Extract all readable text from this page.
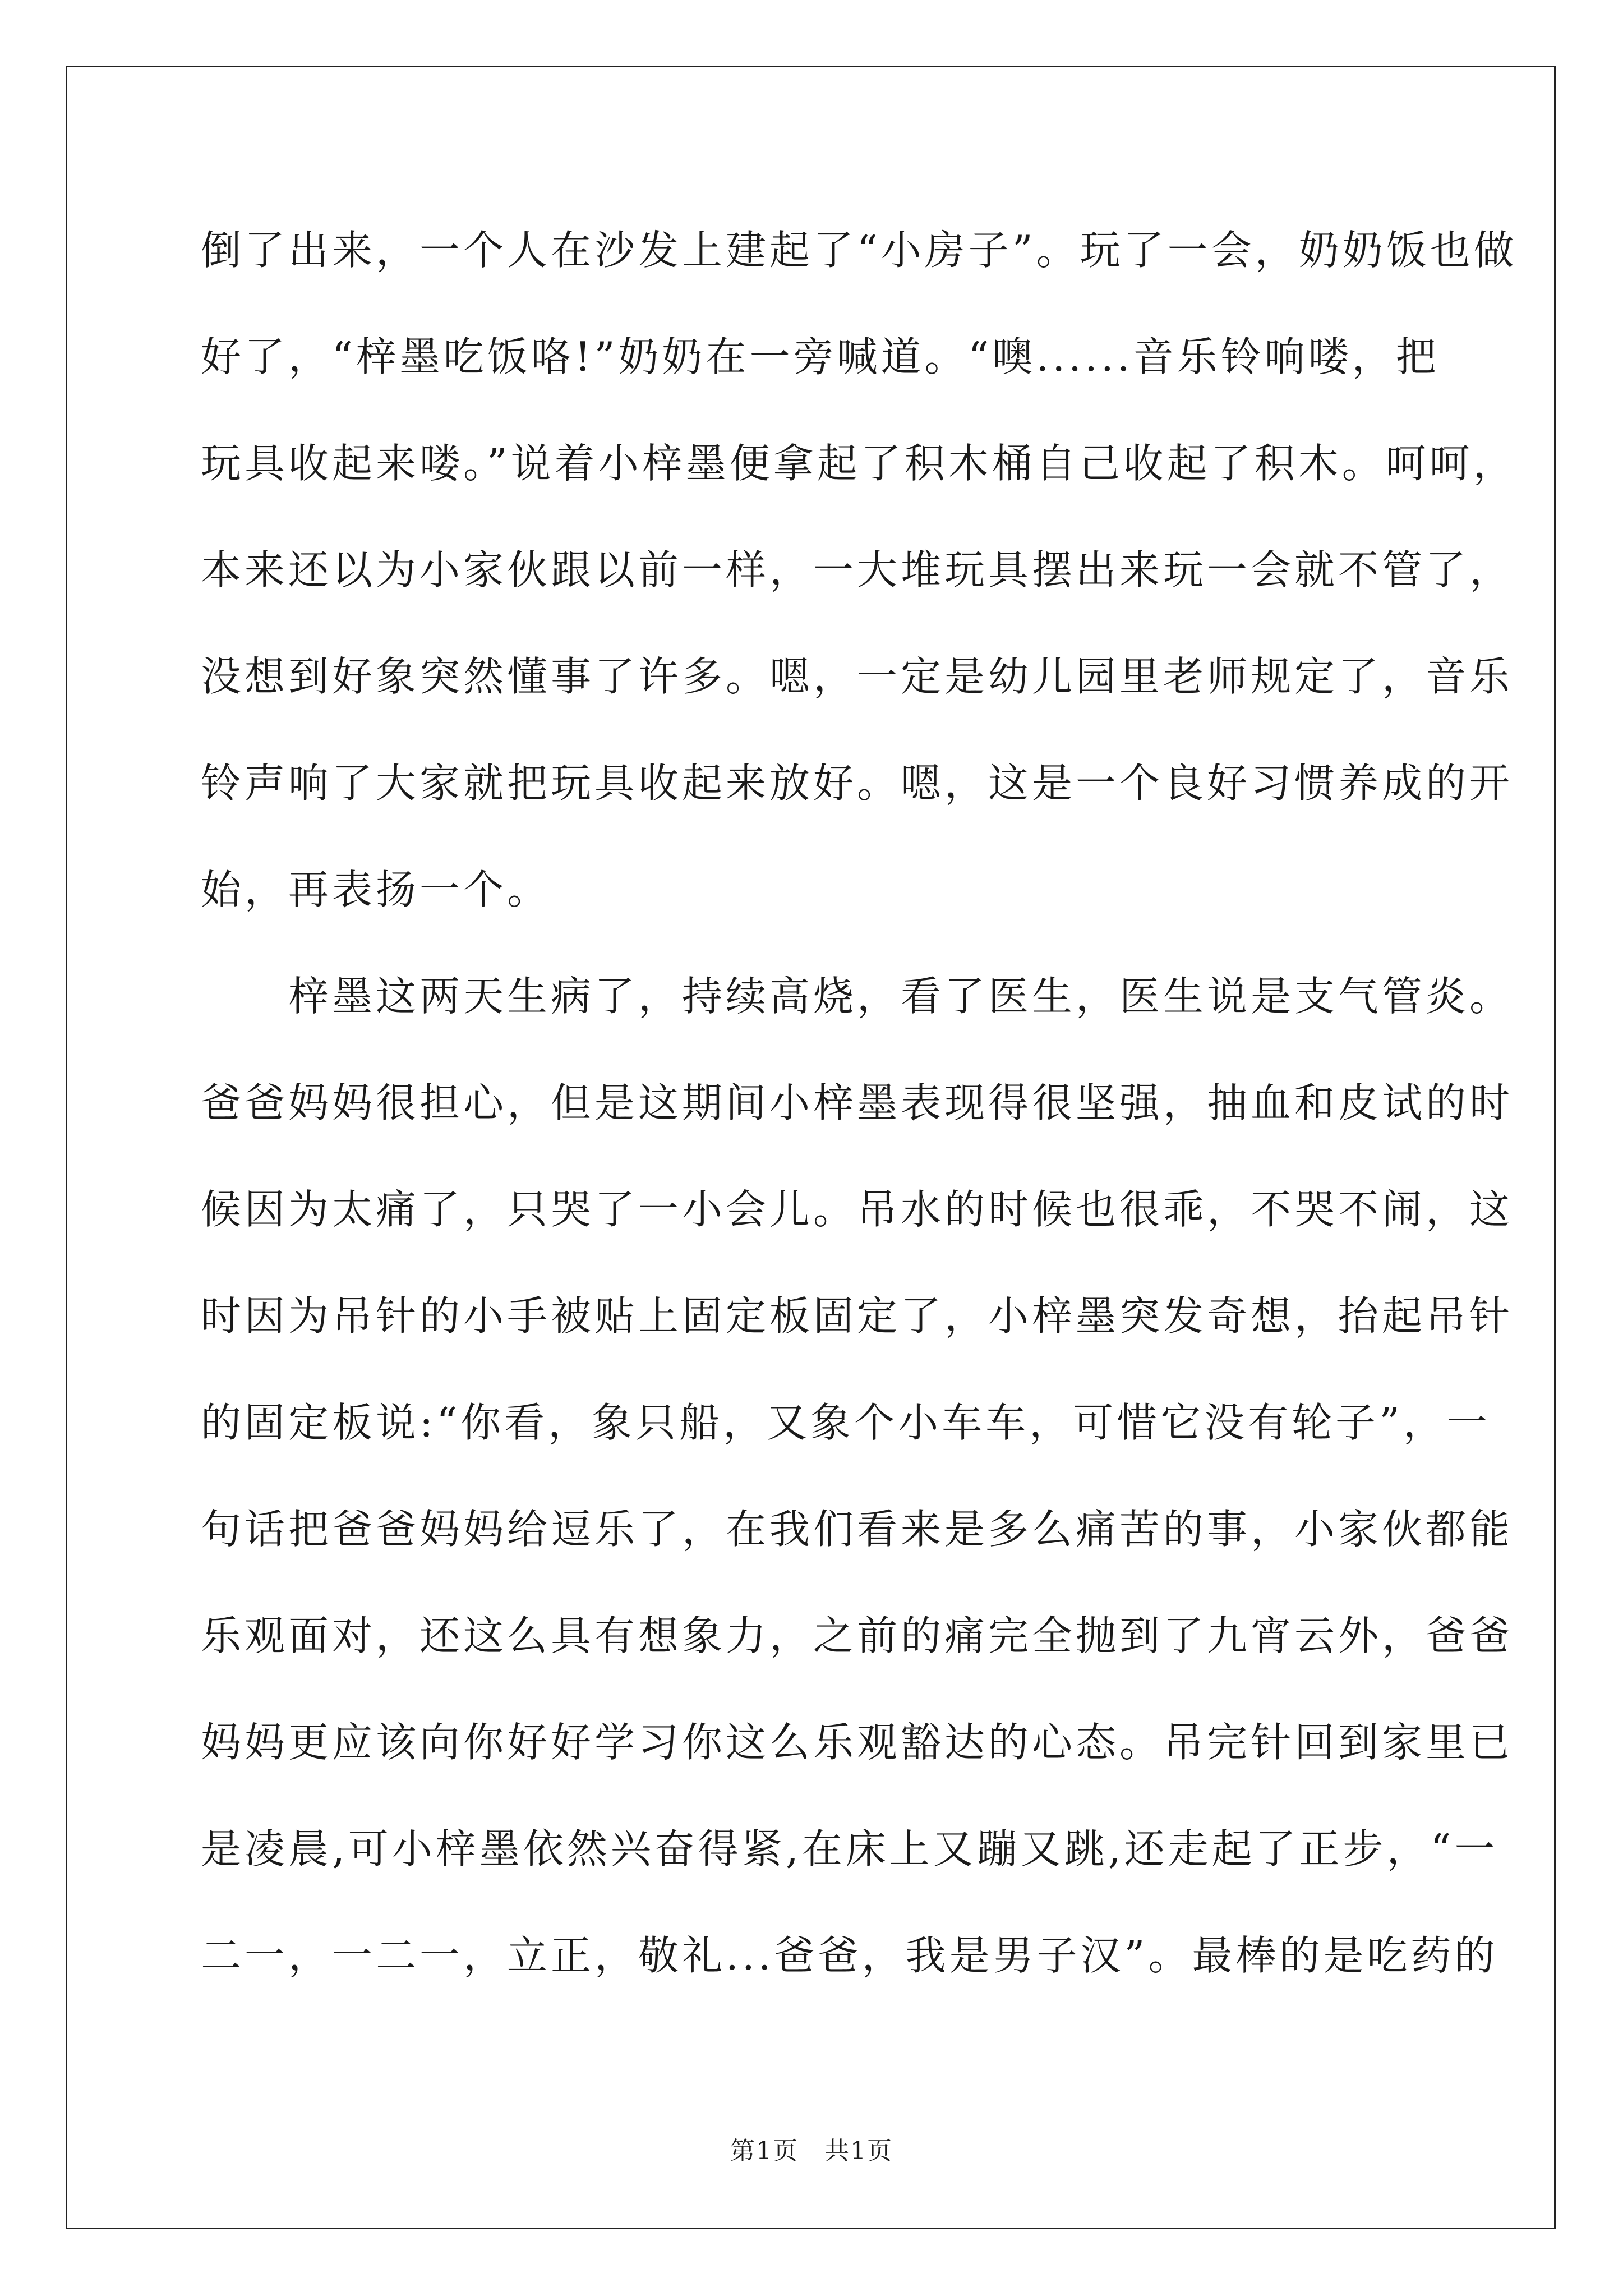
倒了出来，一个人在沙发上建起了“小房子”。玩了一会，奶奶饭也做
好了，“梓墨吃饭咯!”奶奶在一旁喊道。“噢......音乐铃响喽，把
玩具收起来喽。”说着小梓墨便拿起了积木桶自己收起了积木。呵呵，
本来还以为小家伙跟以前一样，一大堆玩具摆出来玩一会就不管了，
没想到好象突然懂事了许多。嗯，一定是幼儿园里老师规定了，音乐
铃声响了大家就把玩具收起来放好。嗯，这是一个良好习惯养成的开
始，再表扬一个。
　　梓墨这两天生病了，持续高烧，看了医生，医生说是支气管炎。
爸爸妈妈很担心，但是这期间小梓墨表现得很坚强，抽血和皮试的时
候因为太痛了，只哭了一小会儿。吊水的时候也很乖，不哭不闹，这
时因为吊针的小手被贴上固定板固定了，小梓墨突发奇想，抬起吊针
的固定板说:“你看，象只船，又象个小车车，可惜它没有轮子”，一
句话把爸爸妈妈给逗乐了，在我们看来是多么痛苦的事，小家伙都能
乐观面对，还这么具有想象力，之前的痛完全抛到了九宵云外，爸爸
妈妈更应该向你好好学习你这么乐观豁达的心态。吊完针回到家里已
是凌晨,可小梓墨依然兴奋得紧,在床上又蹦又跳,还走起了正步，“一
二一，一二一，立正，敬礼...爸爸，我是男子汉”。最棒的是吃药的
第1页　共1页
